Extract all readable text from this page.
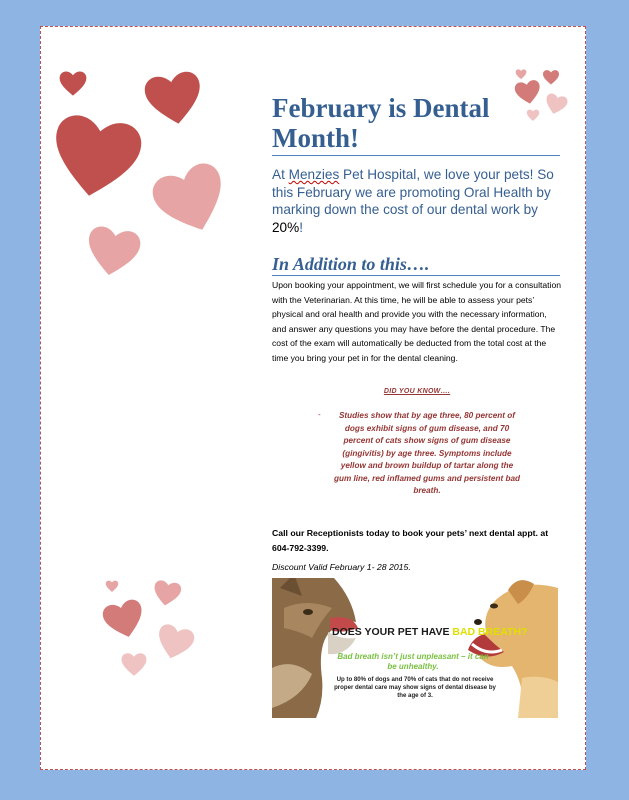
February is Dental Month!

At Menzies Pet Hospital, we love your pets! So this February we are promoting Oral Health by marking down the cost of our dental work by 20%!

In Addition to this….

Upon booking your appointment, we will first schedule you for a consultation with the Veterinarian. At this time, he will be able to assess your pets’ physical and oral health and provide you with the necessary information, and answer any questions you may have before the dental procedure. The cost of the exam will automatically be deducted from the total cost at the time you bring your pet in for the dental cleaning.

DID YOU KNOW….

-	Studies show that by age three, 80 percent of dogs exhibit signs of gum disease, and 70 percent of cats show signs of gum disease (gingivitis) by age three. Symptoms include yellow and brown buildup of tartar along the gum line, red inflamed gums and persistent bad breath.

Call our Receptionists today to book your pets’ next dental appt. at 604-792-3399.

Discount Valid February 1- 28 2015.

DOES YOUR PET HAVE BAD BREATH?
Bad breath isn’t just unpleasant – it can be unhealthy.
Up to 80% of dogs and 70% of cats that do not receive proper dental care may show signs of dental disease by the age of 3.
